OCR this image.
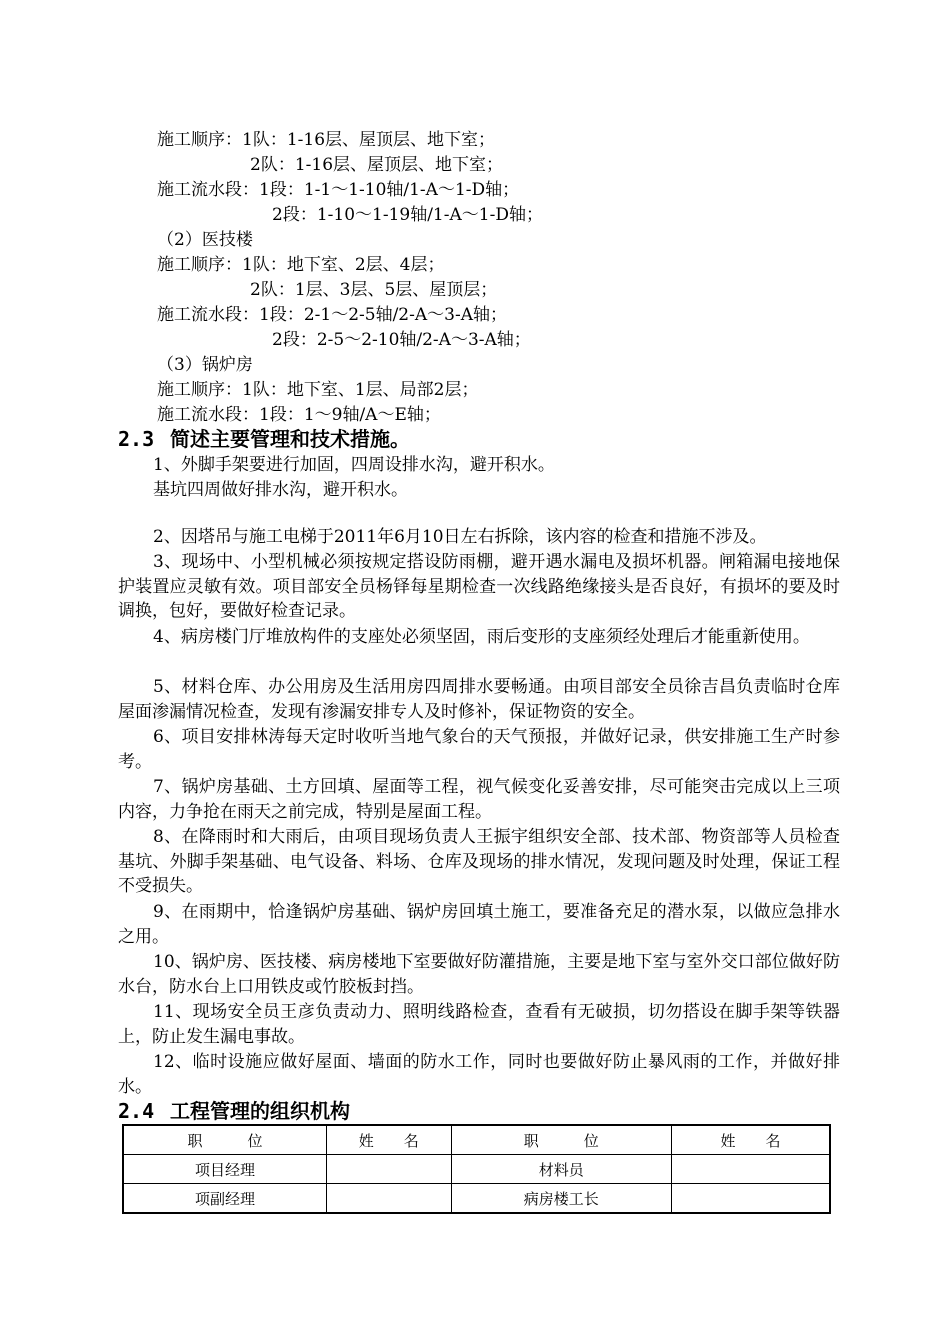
施工顺序：1队：1-16层、屋顶层、地下室；
2队：1-16层、屋顶层、地下室；
施工流水段：1段：1-1～1-10轴/1-A～1-D轴；
2段：1-10～1-19轴/1-A～1-D轴；
（2）医技楼
施工顺序：1队：地下室、2层、4层；
2队：1层、3层、5层、屋顶层；
施工流水段：1段：2-1～2-5轴/2-A～3-A轴；
2段：2-5～2-10轴/2-A～3-A轴；
（3）锅炉房
施工顺序：1队：地下室、1层、局部2层；
施工流水段：1段：1～9轴/A～E轴；
2.3 简述主要管理和技术措施。

1、外脚手架要进行加固，四周设排水沟，避开积水。

基坑四周做好排水沟，避开积水。

2、因塔吊与施工电梯于2011年6月10日左右拆除，该内容的检查和措施不涉及。

3、现场中、小型机械必须按规定搭设防雨棚，避开遇水漏电及损坏机器。闸箱漏电接地保护装置应灵敏有效。项目部安全员杨铎每星期检查一次线路绝缘接头是否良好，有损坏的要及时调换，包好，要做好检查记录。

4、病房楼门厅堆放构件的支座处必须坚固，雨后变形的支座须经处理后才能重新使用。

5、材料仓库、办公用房及生活用房四周排水要畅通。由项目部安全员徐吉昌负责临时仓库屋面渗漏情况检查，发现有渗漏安排专人及时修补，保证物资的安全。

6、项目安排林涛每天定时收听当地气象台的天气预报，并做好记录，供安排施工生产时参考。

7、锅炉房基础、土方回填、屋面等工程，视气候变化妥善安排，尽可能突击完成以上三项内容，力争抢在雨天之前完成，特别是屋面工程。

8、在降雨时和大雨后，由项目现场负责人王振宇组织安全部、技术部、物资部等人员检查基坑、外脚手架基础、电气设备、料场、仓库及现场的排水情况，发现问题及时处理，保证工程不受损失。

9、在雨期中，恰逢锅炉房基础、锅炉房回填土施工，要准备充足的潜水泵，以做应急排水之用。

10、锅炉房、医技楼、病房楼地下室要做好防灌措施，主要是地下室与室外交口部位做好防水台，防水台上口用铁皮或竹胶板封挡。

11、现场安全员王彦负责动力、照明线路检查，查看有无破损，切勿搭设在脚手架等铁器上，防止发生漏电事故。

12、临时设施应做好屋面、墙面的防水工作，同时也要做好防止暴风雨的工作，并做好排水。

2.4 工程管理的组织机构
职　　　位	姓　　名	职　　　位	姓　　名
项目经理		材料员	
项副经理		病房楼工长	
